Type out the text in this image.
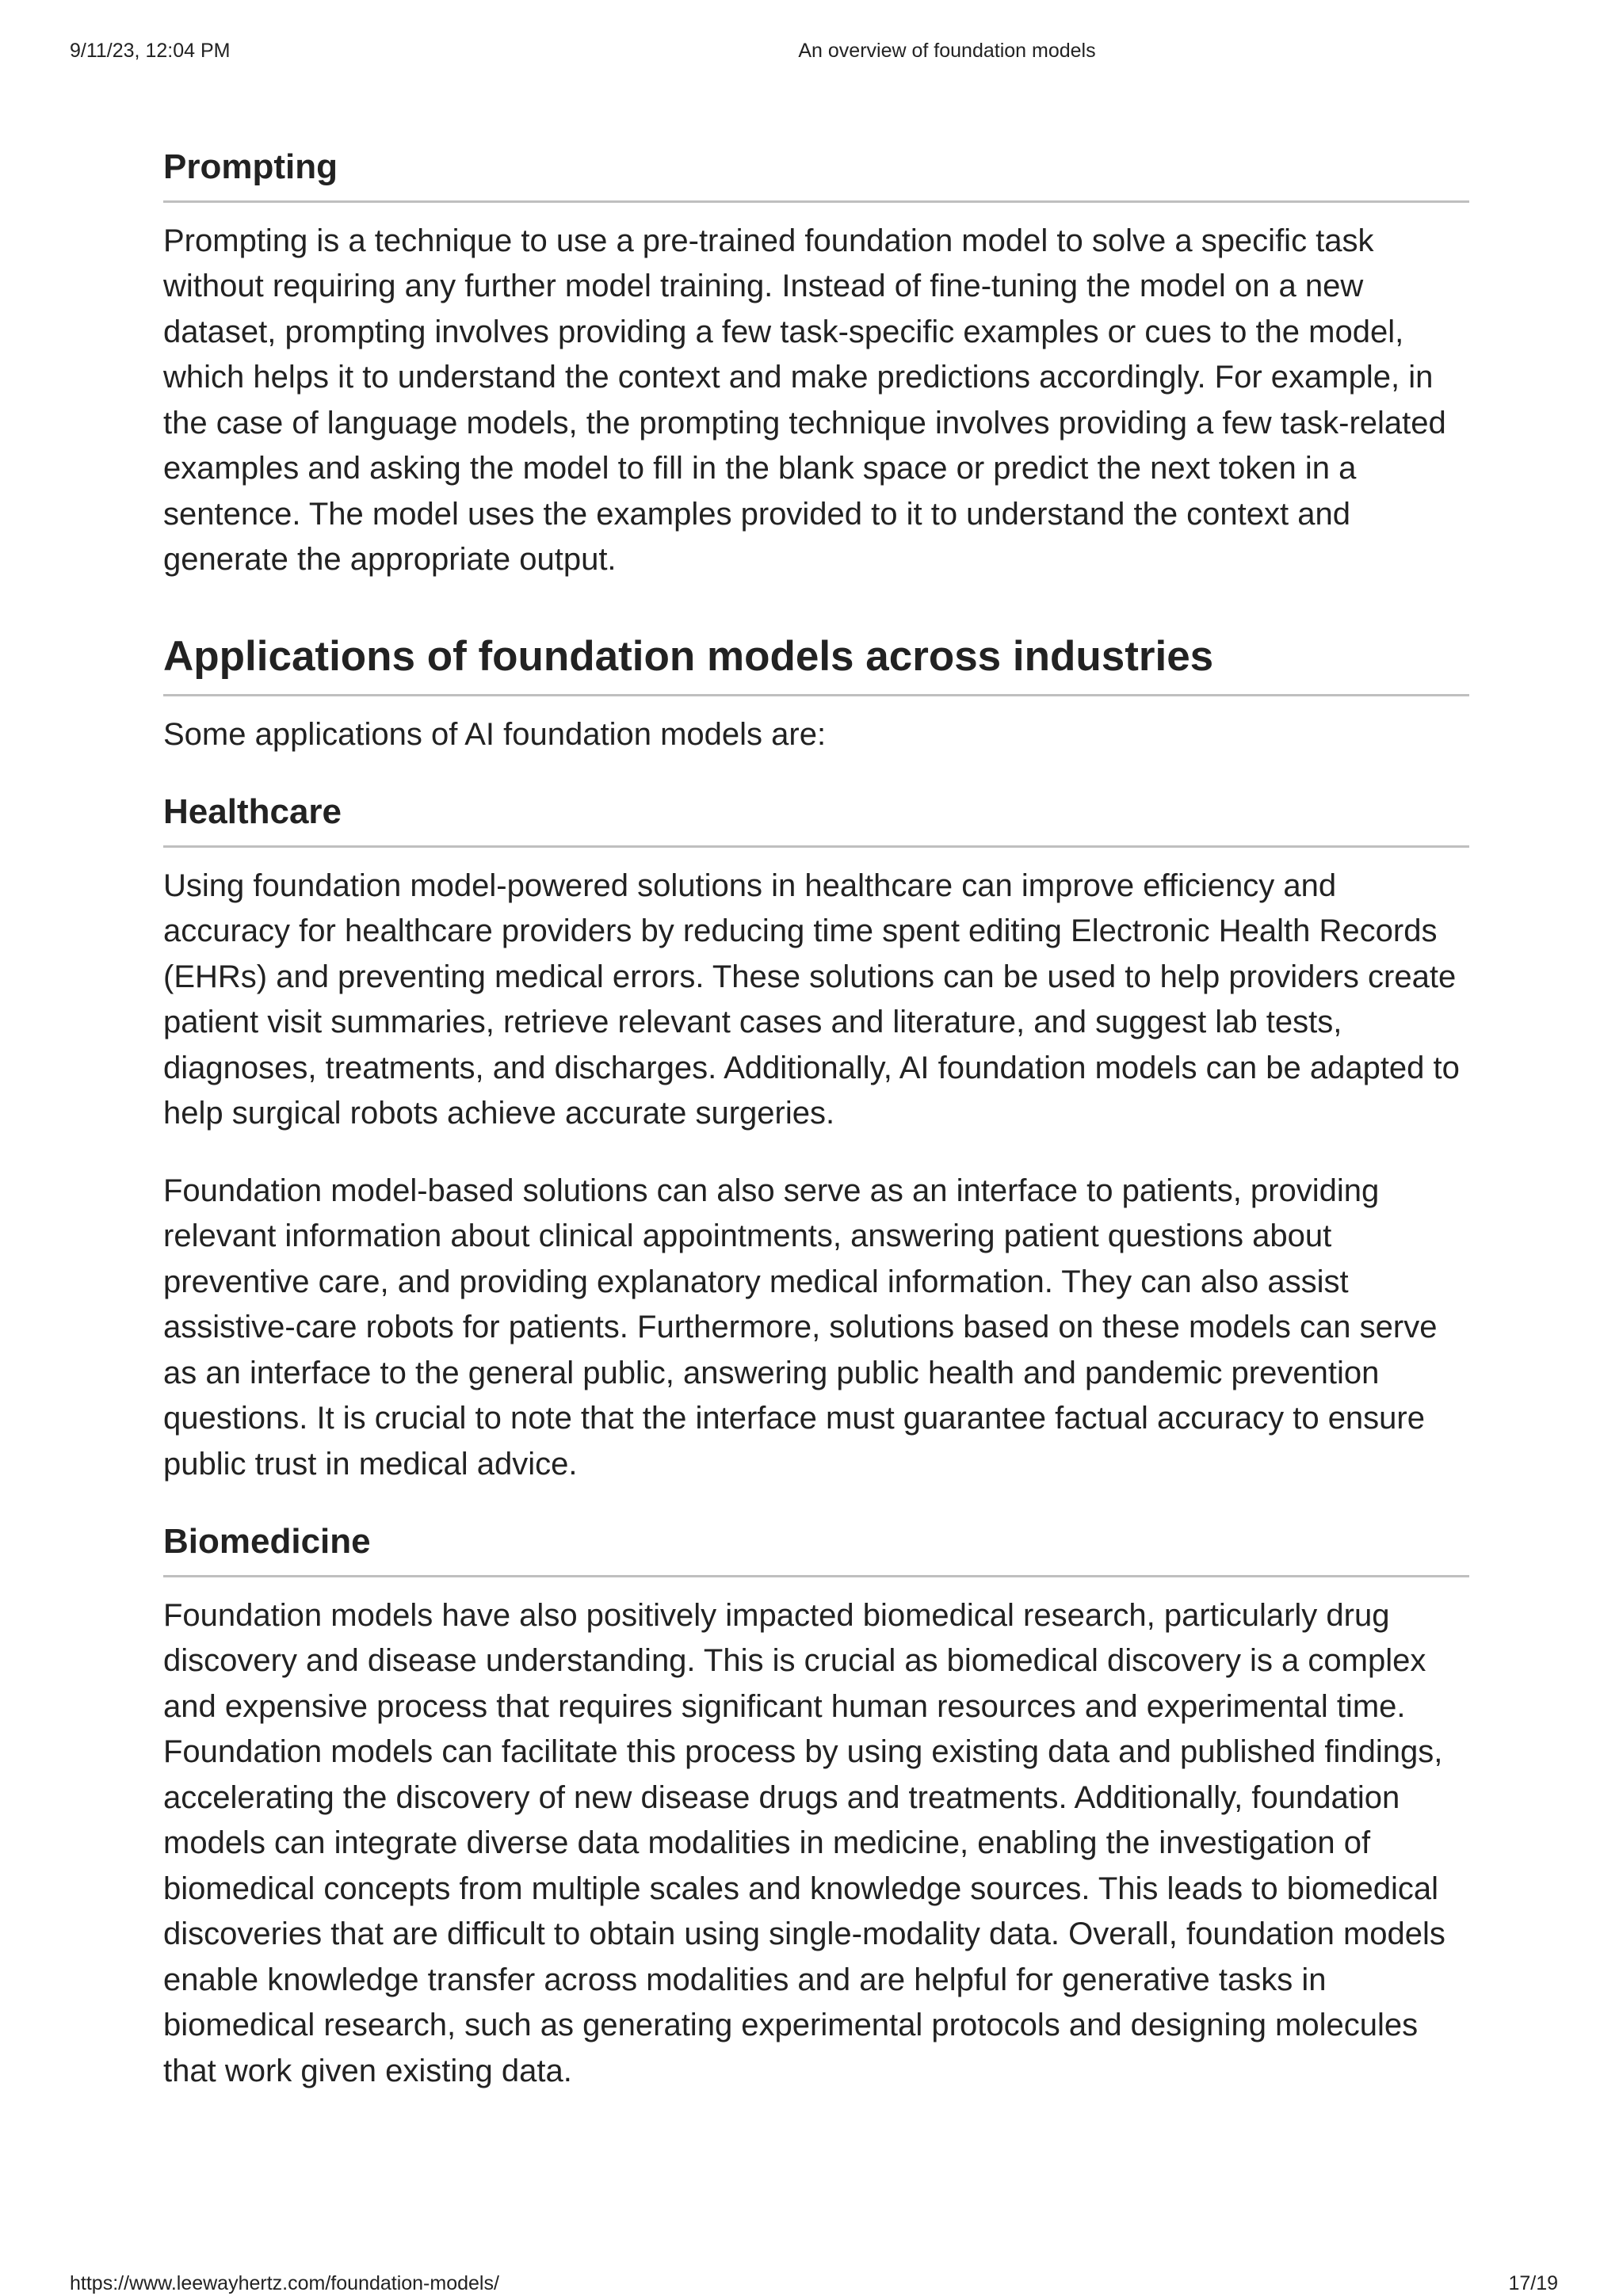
9/11/23, 12:04 PM	An overview of foundation models
Prompting

Prompting is a technique to use a pre-trained foundation model to solve a specific task without requiring any further model training. Instead of fine-tuning the model on a new dataset, prompting involves providing a few task-specific examples or cues to the model, which helps it to understand the context and make predictions accordingly. For example, in the case of language models, the prompting technique involves providing a few task-related examples and asking the model to fill in the blank space or predict the next token in a sentence. The model uses the examples provided to it to understand the context and generate the appropriate output.

Applications of foundation models across industries

Some applications of AI foundation models are:

Healthcare

Using foundation model-powered solutions in healthcare can improve efficiency and accuracy for healthcare providers by reducing time spent editing Electronic Health Records (EHRs) and preventing medical errors. These solutions can be used to help providers create patient visit summaries, retrieve relevant cases and literature, and suggest lab tests, diagnoses, treatments, and discharges. Additionally, AI foundation models can be adapted to help surgical robots achieve accurate surgeries.

Foundation model-based solutions can also serve as an interface to patients, providing relevant information about clinical appointments, answering patient questions about preventive care, and providing explanatory medical information. They can also assist assistive-care robots for patients. Furthermore, solutions based on these models can serve as an interface to the general public, answering public health and pandemic prevention questions. It is crucial to note that the interface must guarantee factual accuracy to ensure public trust in medical advice.

Biomedicine

Foundation models have also positively impacted biomedical research, particularly drug discovery and disease understanding. This is crucial as biomedical discovery is a complex and expensive process that requires significant human resources and experimental time. Foundation models can facilitate this process by using existing data and published findings, accelerating the discovery of new disease drugs and treatments. Additionally, foundation models can integrate diverse data modalities in medicine, enabling the investigation of biomedical concepts from multiple scales and knowledge sources. This leads to biomedical discoveries that are difficult to obtain using single-modality data. Overall, foundation models enable knowledge transfer across modalities and are helpful for generative tasks in biomedical research, such as generating experimental protocols and designing molecules that work given existing data.

https://www.leewayhertz.com/foundation-models/	17/19
